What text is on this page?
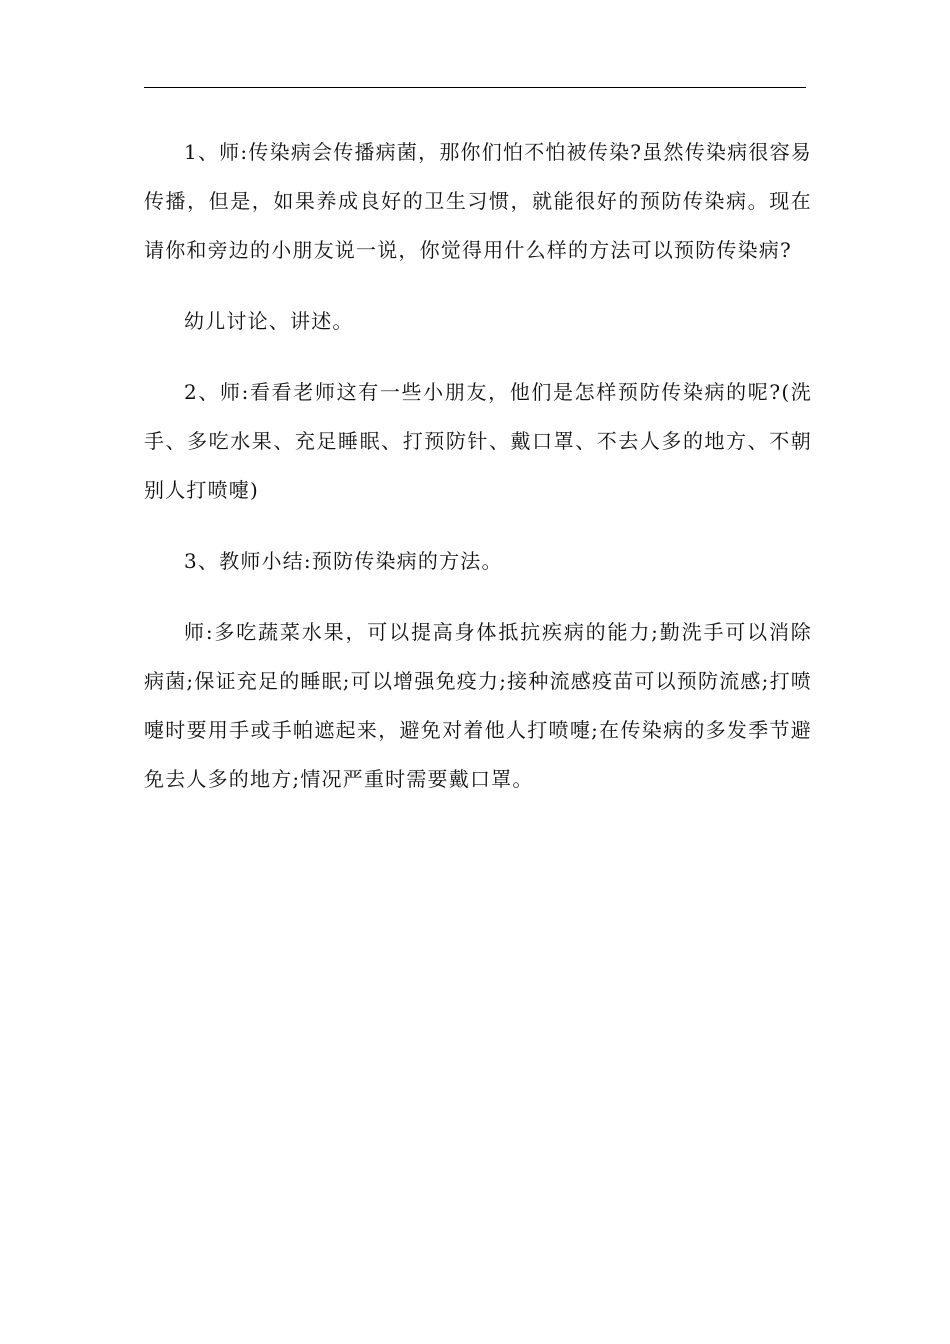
1、师:传染病会传播病菌，那你们怕不怕被传染?虽然传染病很容易传播，但是，如果养成良好的卫生习惯，就能很好的预防传染病。现在请你和旁边的小朋友说一说，你觉得用什么样的方法可以预防传染病?

幼儿讨论、讲述。

2、师:看看老师这有一些小朋友，他们是怎样预防传染病的呢?(洗手、多吃水果、充足睡眠、打预防针、戴口罩、不去人多的地方、不朝别人打喷嚏)

3、教师小结:预防传染病的方法。

师:多吃蔬菜水果，可以提高身体抵抗疾病的能力;勤洗手可以消除病菌;保证充足的睡眠;可以增强免疫力;接种流感疫苗可以预防流感;打喷嚏时要用手或手帕遮起来，避免对着他人打喷嚏;在传染病的多发季节避免去人多的地方;情况严重时需要戴口罩。
